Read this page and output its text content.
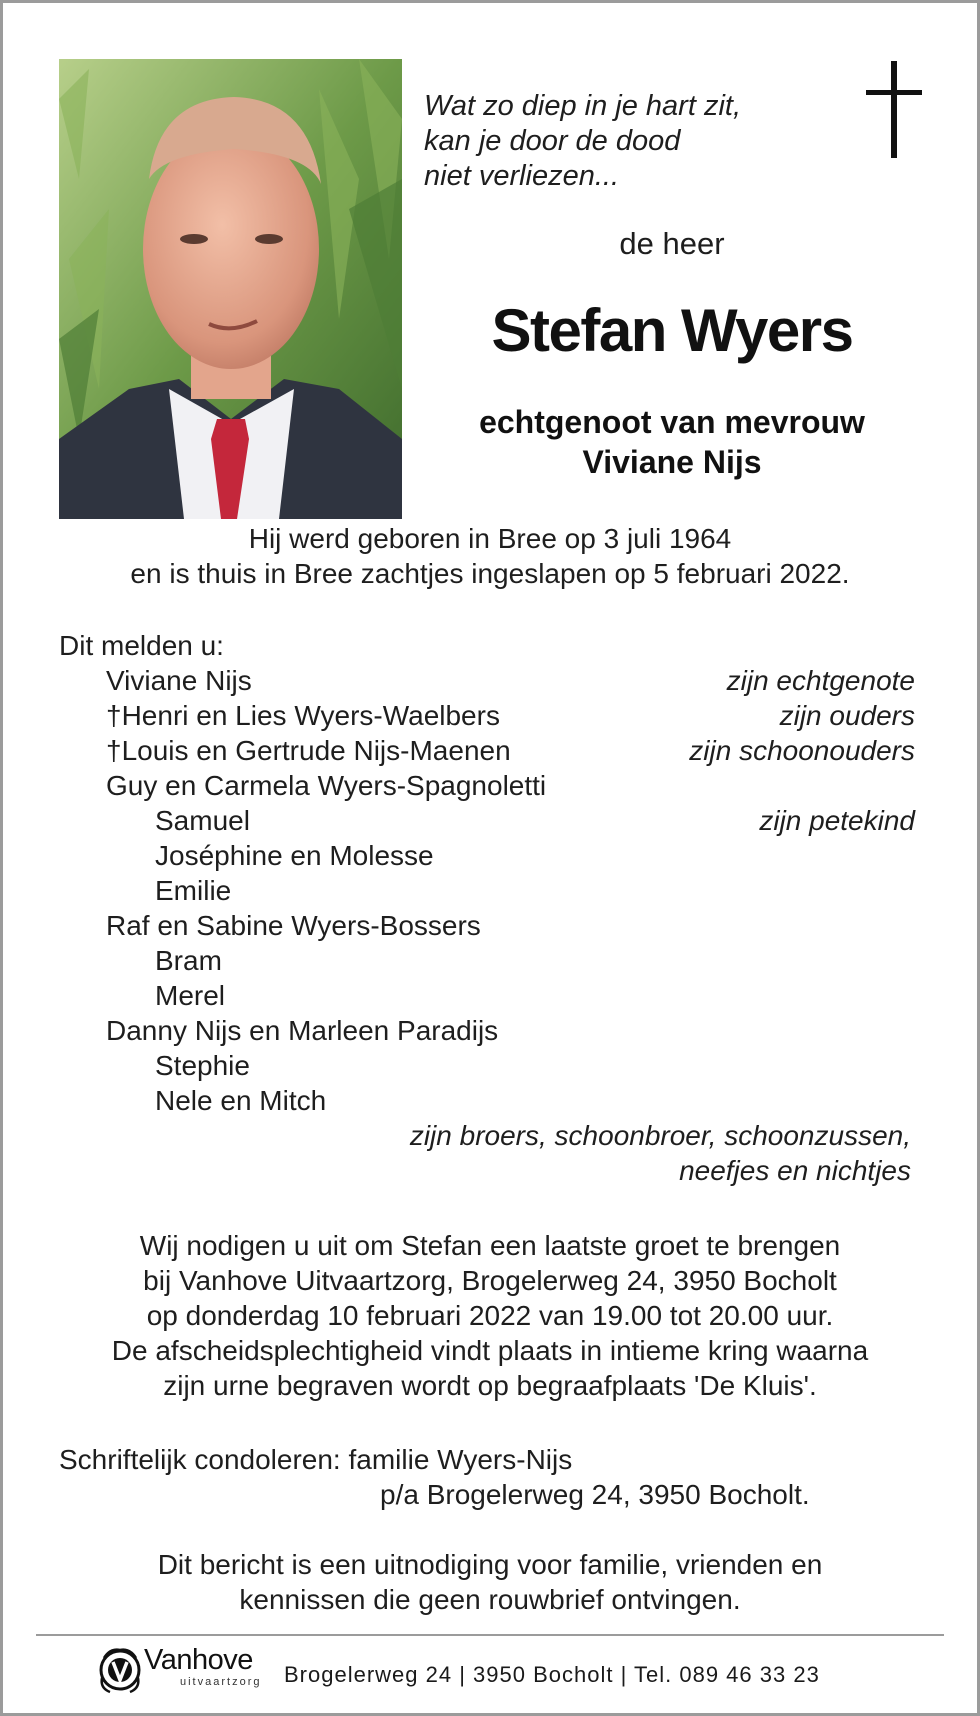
Wat zo diep in je hart zit,
kan je door de dood
niet verliezen...
de heer
Stefan Wyers
echtgenoot van mevrouw
Viviane Nijs
Hij werd geboren in Bree op 3 juli 1964
en is thuis in Bree zachtjes ingeslapen op 5 februari 2022.
Dit melden u:
Viviane Nijs	zijn echtgenote
†Henri en Lies Wyers-Waelbers	zijn ouders
†Louis en Gertrude Nijs-Maenen	zijn schoonouders
Guy en Carmela Wyers-Spagnoletti
Samuel	zijn petekind
Joséphine en Molesse
Emilie
Raf en Sabine Wyers-Bossers
Bram
Merel
Danny Nijs en Marleen Paradijs
Stephie
Nele en Mitch
zijn broers, schoonbroer, schoonzussen,
neefjes en nichtjes
Wij nodigen u uit om Stefan een laatste groet te brengen
bij Vanhove Uitvaartzorg, Brogelerweg 24, 3950 Bocholt
op donderdag 10 februari 2022 van 19.00 tot 20.00 uur.
De afscheidsplechtigheid vindt plaats in intieme kring waarna
zijn urne begraven wordt op begraafplaats 'De Kluis'.
Schriftelijk condoleren: familie Wyers-Nijs
p/a Brogelerweg 24, 3950 Bocholt.
Dit bericht is een uitnodiging voor familie, vrienden en
kennissen die geen rouwbrief ontvingen.
Vanhove
uitvaartzorg Brogelerweg 24 | 3950 Bocholt | Tel. 089 46 33 23
